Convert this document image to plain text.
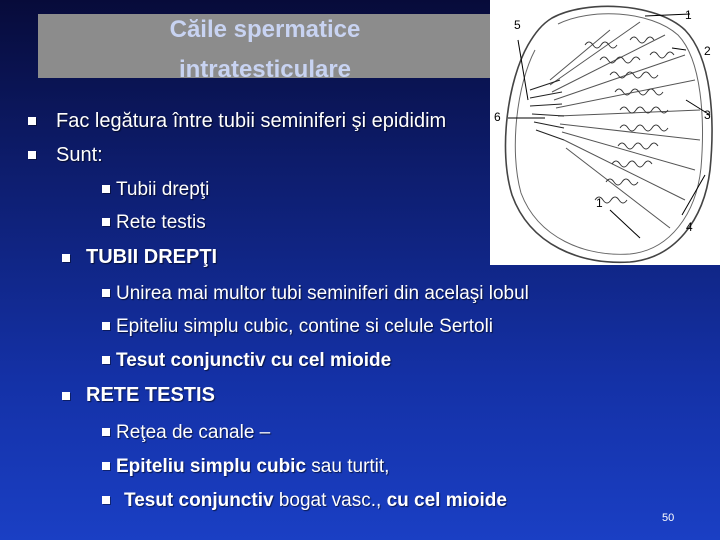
Căile spermatice
intratesticulare
1
2
3
4
5
6
1
Fac legătura între tubii seminiferi şi epididim
Sunt:
Tubii drepţi
Rete testis
TUBII DREPŢI
Unirea mai multor tubi seminiferi din acelaşi lobul
Epiteliu simplu cubic, contine si celule Sertoli
Tesut conjunctiv cu cel mioide
RETE TESTIS
Reţea de canale –
Epiteliu simplu cubic sau turtit,
Tesut conjunctiv bogat vasc., cu cel mioide
50
